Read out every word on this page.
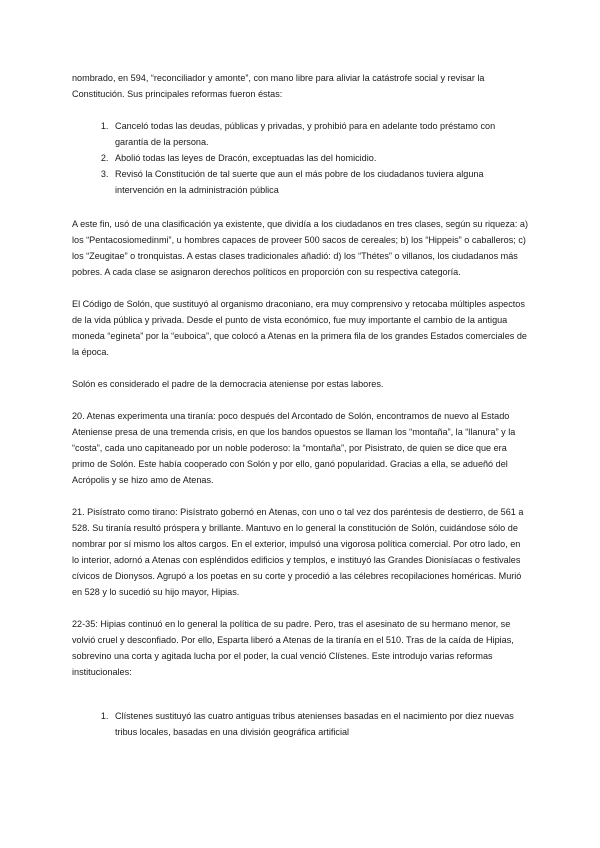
nombrado, en 594, “reconciliador y amonte”, con mano libre para aliviar la catástrofe social y revisar la Constitución. Sus principales reformas fueron éstas:

1. Canceló todas las deudas, públicas y privadas, y prohibió para en adelante todo préstamo con garantía de la persona.
2. Abolió todas las leyes de Dracón, exceptuadas las del homicidio.
3. Revisó la Constitución de tal suerte que aun el más pobre de los ciudadanos tuviera alguna intervención en la administración pública

A este fin, usó de una clasificación ya existente, que dividía a los ciudadanos en tres clases, según su riqueza: a) los “Pentacosiomedinmi”, u hombres capaces de proveer 500 sacos de cereales; b) los “Hippeis” o caballeros; c) los “Zeugitae” o tronquistas. A estas clases tradicionales añadió: d) los “Thétes” o villanos, los ciudadanos más pobres. A cada clase se asignaron derechos políticos en proporción con su respectiva categoría.

El Código de Solón, que sustituyó al organismo draconiano, era muy comprensivo y retocaba múltiples aspectos de la vida pública y privada. Desde el punto de vista económico, fue muy importante el cambio de la antigua moneda “egineta” por la “euboica”, que colocó a Atenas en la primera fila de los grandes Estados comerciales de la época.

Solón es considerado el padre de la democracia ateniense por estas labores.

20. Atenas experimenta una tiranía: poco después del Arcontado de Solón, encontramos de nuevo al Estado Ateniense presa de una tremenda crisis, en que los bandos opuestos se llaman los “montaña”, la “llanura” y la “costa”, cada uno capitaneado por un noble poderoso: la “montaña”, por Pisistrato, de quien se dice que era primo de Solón. Este había cooperado con Solón y por ello, ganó popularidad. Gracias a ella, se adueñó del Acrópolis y se hizo amo de Atenas.

21. Pisístrato como tirano: Pisístrato gobernó en Atenas, con uno o tal vez dos paréntesis de destierro, de 561 a 528. Su tiranía resultó próspera y brillante. Mantuvo en lo general la constitución de Solón, cuidándose sólo de nombrar por sí mismo los altos cargos. En el exterior, impulsó una vigorosa política comercial. Por otro lado, en lo interior, adornó a Atenas con espléndidos edificios y templos, e instituyó las Grandes Dionisíacas o festivales cívicos de Dionysos. Agrupó a los poetas en su corte y procedió a las célebres recopilaciones homéricas. Murió en 528 y lo sucedió su hijo mayor, Hipias.

22-35: Hipias continuó en lo general la política de su padre. Pero, tras el asesinato de su hermano menor, se volvió cruel y desconfiado. Por ello, Esparta liberó a Atenas de la tiranía en el 510. Tras de la caída de Hipias, sobrevino una corta y agitada lucha por el poder, la cual venció Clístenes. Este introdujo varias reformas institucionales:

1. Clístenes sustituyó las cuatro antiguas tribus atenienses basadas en el nacimiento por diez nuevas tribus locales, basadas en una división geográfica artificial
